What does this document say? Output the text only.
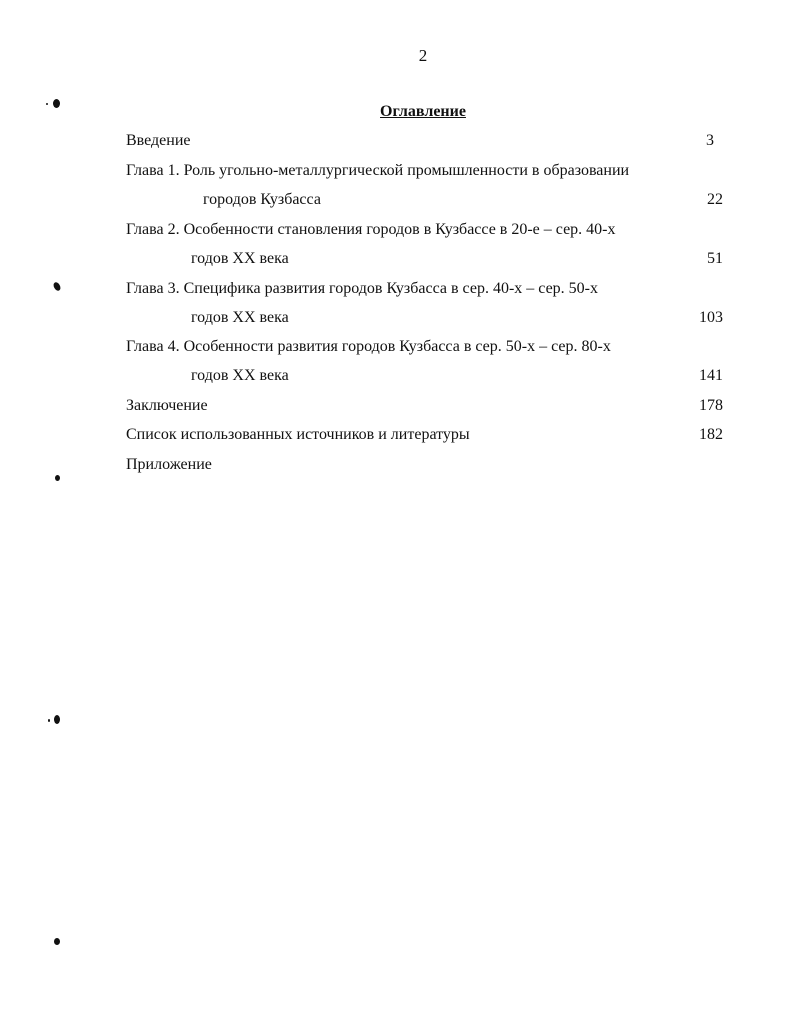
2
Оглавление
Введение	3
Глава 1. Роль угольно-металлургической промышленности в образовании
городов Кузбасса	22
Глава 2. Особенности становления городов в Кузбассе в 20-е – сер. 40-х
годов XX века	51
Глава 3. Специфика развития городов Кузбасса в сер. 40-х – сер. 50-х
годов XX века	103
Глава 4. Особенности развития городов Кузбасса в сер. 50-х – сер. 80-х
годов XX века	141
Заключение	178
Список использованных источников и литературы	182
Приложение
